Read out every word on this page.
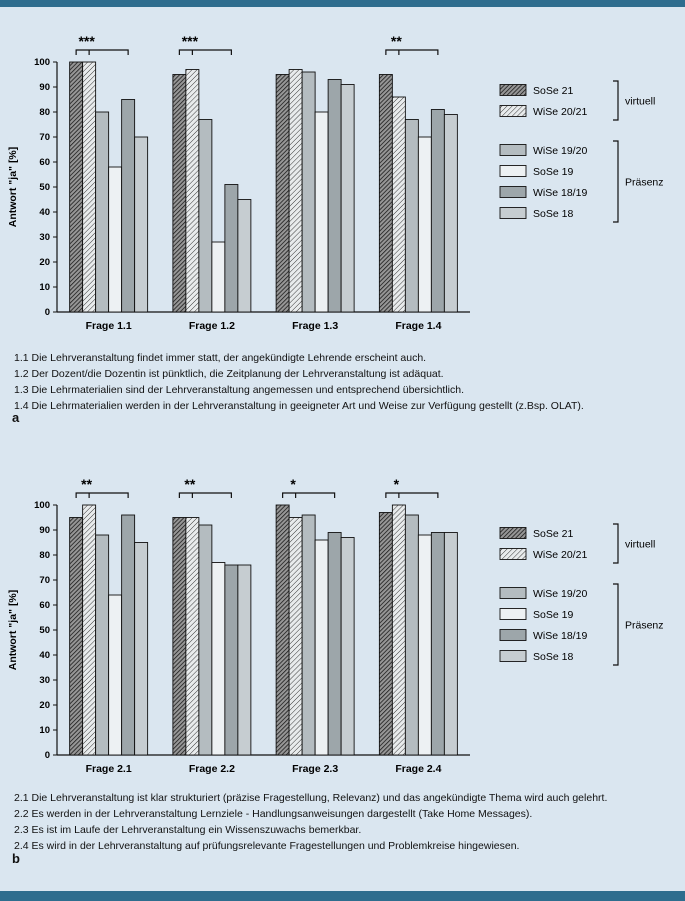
0
10
20
30
40
50
60
70
80
90
100
Antwort "ja" [%]
Frage 1.1	Frage 1.2	Frage 1.3	Frage 1.4
***	***	**
SoSe 21
WiSe 20/21
WiSe 19/20
SoSe 19
WiSe 18/19
SoSe 18
virtuell
Präsenz

1.1 Die Lehrveranstaltung findet immer statt, der angekündigte Lehrende erscheint auch.

1.2 Der Dozent/die Dozentin ist pünktlich, die Zeitplanung der Lehrveranstaltung ist adäquat.

1.3 Die Lehrmaterialien sind der Lehrveranstaltung angemessen und entsprechend übersichtlich.

1.4 Die Lehrmaterialien werden in der Lehrveranstaltung in geeigneter Art und Weise zur Verfügung gestellt (z.Bsp. OLAT).

a
0
10
20
30
40
50
60
70
80
90
100
Antwort "ja" [%]
Frage 2.1	Frage 2.2	Frage 2.3	Frage 2.4
**	**	*	*
SoSe 21
WiSe 20/21
WiSe 19/20
SoSe 19
WiSe 18/19
SoSe 18
virtuell
Präsenz

2.1 Die Lehrveranstaltung ist klar strukturiert (präzise Fragestellung, Relevanz) und das angekündigte Thema wird auch gelehrt.

2.2 Es werden in der Lehrveranstaltung Lernziele - Handlungsanweisungen dargestellt (Take Home Messages).

2.3 Es ist im Laufe der Lehrveranstaltung ein Wissenszuwachs bemerkbar.

2.4 Es wird in der Lehrveranstaltung auf prüfungsrelevante Fragestellungen und Problemkreise hingewiesen.

b
